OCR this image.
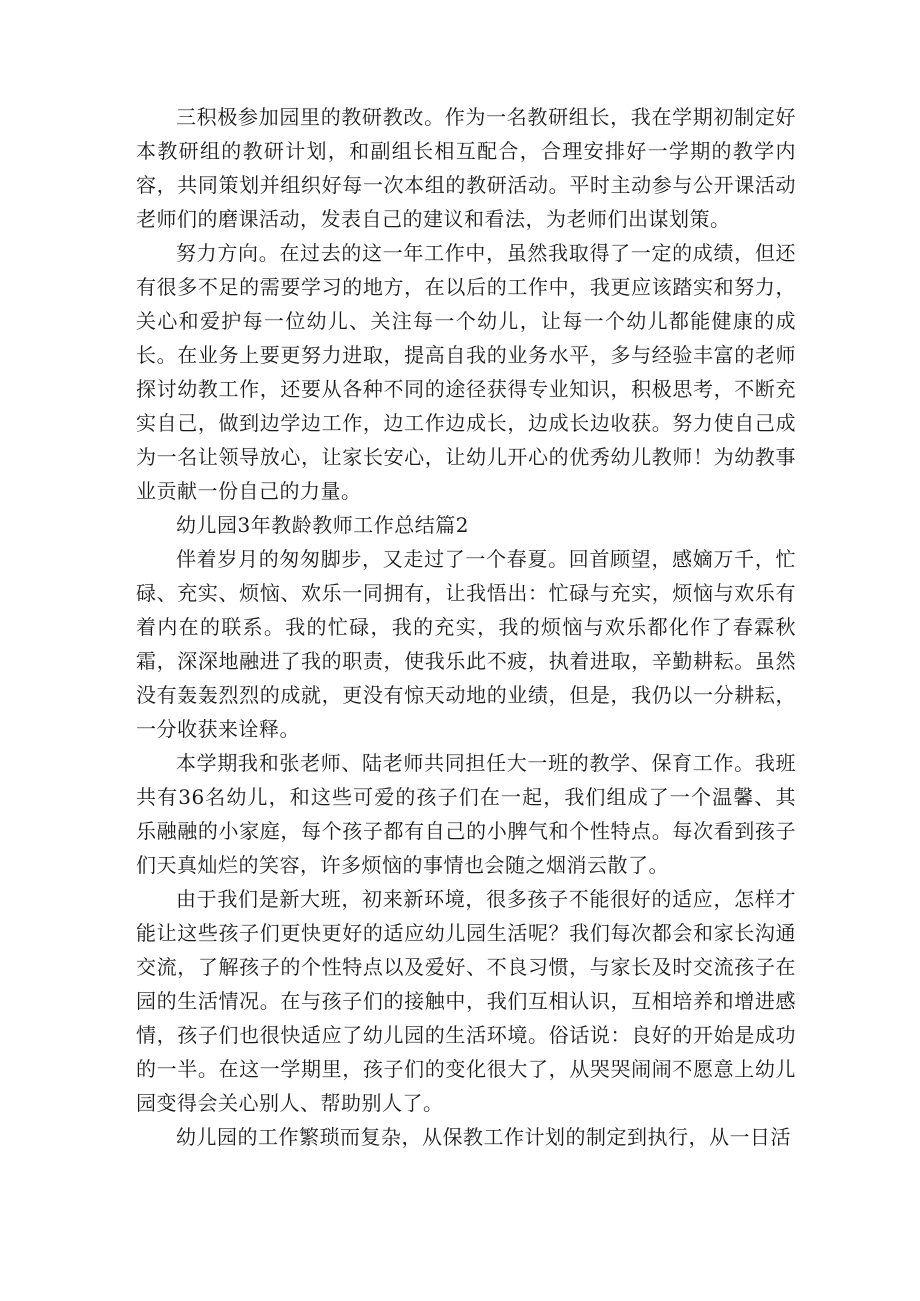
三积极参加园里的教研教改。作为一名教研组长，我在学期初制定好本教研组的教研计划，和副组长相互配合，合理安排好一学期的教学内容，共同策划并组织好每一次本组的教研活动。平时主动参与公开课活动老师们的磨课活动，发表自己的建议和看法，为老师们出谋划策。

努力方向。在过去的这一年工作中，虽然我取得了一定的成绩，但还有很多不足的需要学习的地方，在以后的工作中，我更应该踏实和努力，关心和爱护每一位幼儿、关注每一个幼儿，让每一个幼儿都能健康的成长。在业务上要更努力进取，提高自我的业务水平，多与经验丰富的老师探讨幼教工作，还要从各种不同的途径获得专业知识，积极思考，不断充实自己，做到边学边工作，边工作边成长，边成长边收获。努力使自己成为一名让领导放心，让家长安心，让幼儿开心的优秀幼儿教师！为幼教事业贡献一份自己的力量。

幼儿园3年教龄教师工作总结篇2

伴着岁月的匆匆脚步，又走过了一个春夏。回首顾望，感嫡万千，忙碌、充实、烦恼、欢乐一同拥有，让我悟出：忙碌与充实，烦恼与欢乐有着内在的联系。我的忙碌，我的充实，我的烦恼与欢乐都化作了春霖秋霜，深深地融进了我的职责，使我乐此不疲，执着进取，辛勤耕耘。虽然没有轰轰烈烈的成就，更没有惊天动地的业绩，但是，我仍以一分耕耘，一分收获来诠释。

本学期我和张老师、陆老师共同担任大一班的教学、保育工作。我班共有36名幼儿，和这些可爱的孩子们在一起，我们组成了一个温馨、其乐融融的小家庭，每个孩子都有自己的小脾气和个性特点。每次看到孩子们天真灿烂的笑容，许多烦恼的事情也会随之烟消云散了。

由于我们是新大班，初来新环境，很多孩子不能很好的适应，怎样才能让这些孩子们更快更好的适应幼儿园生活呢？我们每次都会和家长沟通交流，了解孩子的个性特点以及爱好、不良习惯，与家长及时交流孩子在园的生活情况。在与孩子们的接触中，我们互相认识，互相培养和增进感情，孩子们也很快适应了幼儿园的生活环境。俗话说：良好的开始是成功的一半。在这一学期里，孩子们的变化很大了，从哭哭闹闹不愿意上幼儿园变得会关心别人、帮助别人了。

幼儿园的工作繁琐而复杂，从保教工作计划的制定到执行，从一日活
